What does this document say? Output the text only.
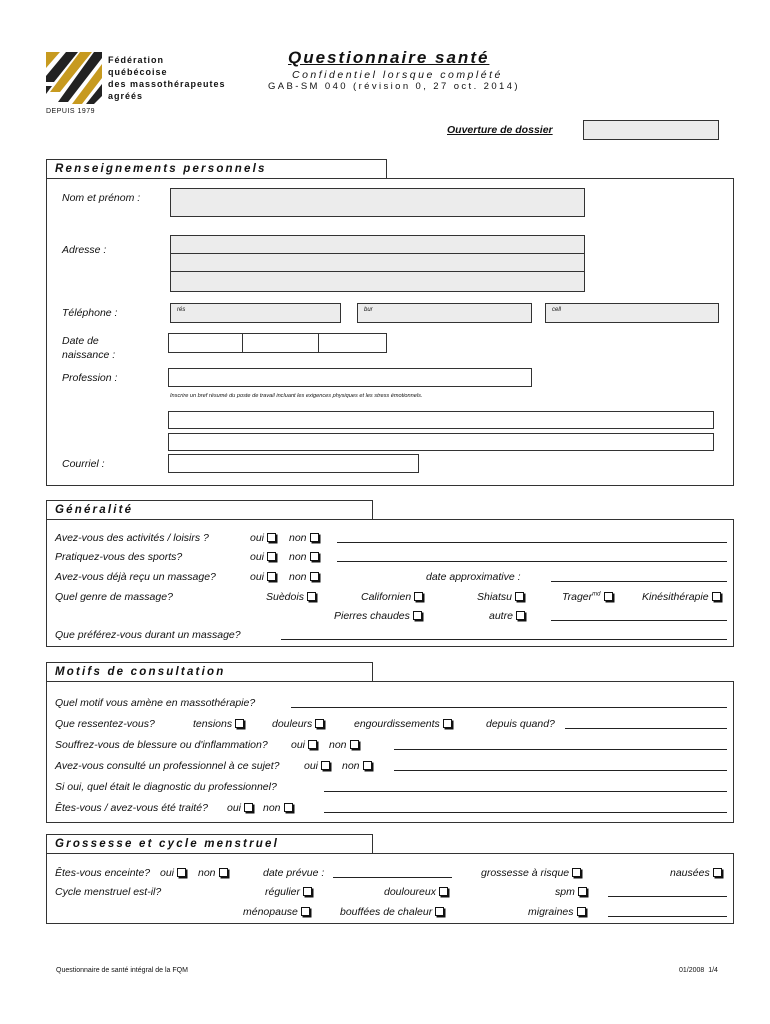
Fédération
québécoise
des massothérapeutes
agréés
DEPUIS 1979
Questionnaire santé
Confidentiel lorsque complété
GAB-SM 040 (révision 0, 27 oct. 2014)
Ouverture de dossier
Renseignements personnels
Nom et prénom :
Adresse :
Téléphone :	rés	bur	cell
Date de
naissance :
Profession :
Inscrire un bref résumé du poste de travail incluant les exigences physiques et les stress émotionnels.
Courriel :
Généralité
Avez-vous des activités / loisirs ?	oui	non
Pratiquez-vous des sports?	oui	non
Avez-vous déjà reçu un massage?	oui	non	date approximative :
Quel genre de massage?	Suèdois	Californien	Shiatsu	Trager$^{md}$	Kinésithérapie
Pierres chaudes	autre
Que préférez-vous durant un massage?
Motifs de consultation
Quel motif vous amène en massothérapie?
Que ressentez-vous?	tensions	douleurs	engourdissements	depuis quand?
Souffrez-vous de blessure ou d'inflammation? oui	non
Avez-vous consulté un professionnel à ce sujet? oui	non
Si oui, quel était le diagnostic du professionnel?
Êtes-vous / avez-vous été traité? oui	non
Grossesse et cycle menstruel
Êtes-vous enceinte? oui	non	date prévue :	grossesse à risque	nausées
Cycle menstruel est-il?	régulier	douloureux	spm
ménopause	bouffées de chaleur	migraines
Questionnaire de santé intégral de la FQM	01/2008  1/4
